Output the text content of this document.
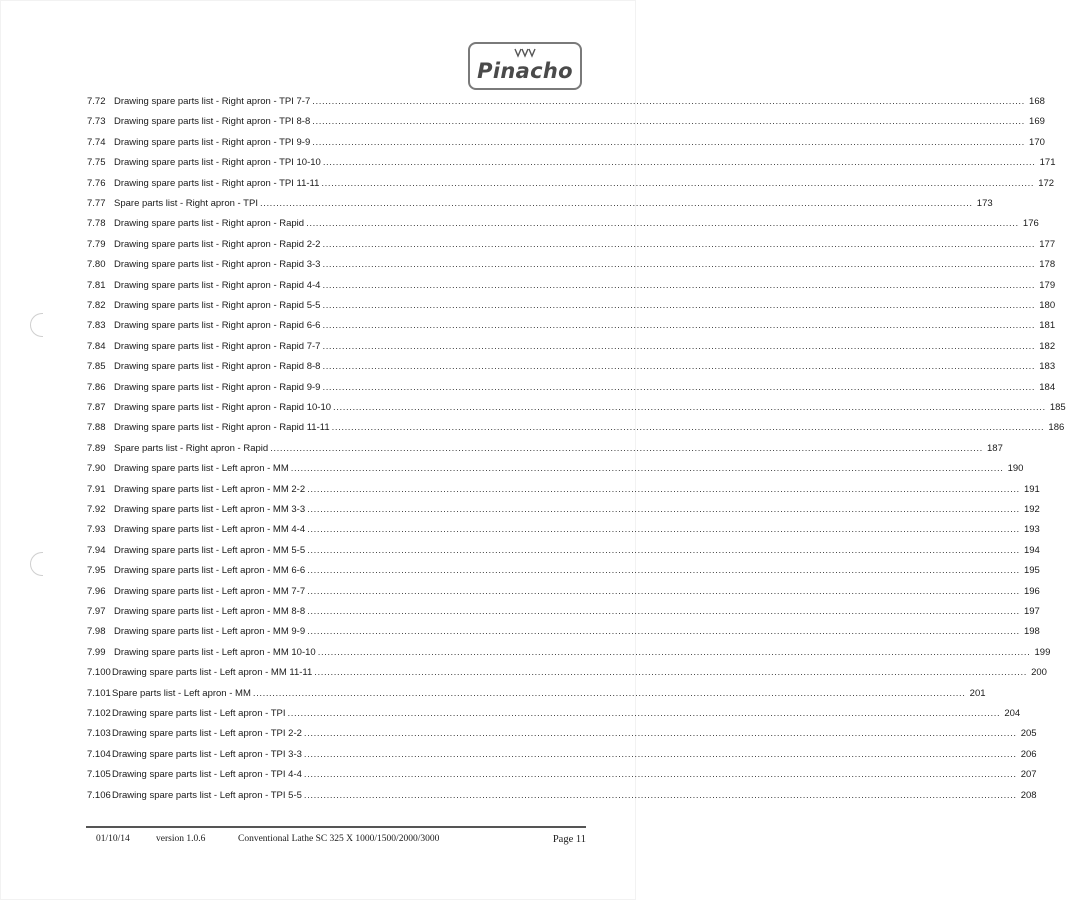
Pinacho
7.72 Drawing spare parts list - Right apron - TPI 7-7 ............................................................................................................................................................................................................................ 168
7.73 Drawing spare parts list - Right apron - TPI 8-8 ............................................................................................................................................................................................................................ 169
7.74 Drawing spare parts list - Right apron - TPI 9-9 ............................................................................................................................................................................................................................ 170
7.75 Drawing spare parts list - Right apron - TPI 10-10 ............................................................................................................................................................................................................................ 171
7.76 Drawing spare parts list - Right apron - TPI 11-11 ............................................................................................................................................................................................................................ 172
7.77 Spare parts list - Right apron - TPI ............................................................................................................................................................................................................................ 173
7.78 Drawing spare parts list - Right apron - Rapid ............................................................................................................................................................................................................................ 176
7.79 Drawing spare parts list - Right apron - Rapid 2-2 ............................................................................................................................................................................................................................ 177
7.80 Drawing spare parts list - Right apron - Rapid 3-3 ............................................................................................................................................................................................................................ 178
7.81 Drawing spare parts list - Right apron - Rapid 4-4 ............................................................................................................................................................................................................................ 179
7.82 Drawing spare parts list - Right apron - Rapid 5-5 ............................................................................................................................................................................................................................ 180
7.83 Drawing spare parts list - Right apron - Rapid 6-6 ............................................................................................................................................................................................................................ 181
7.84 Drawing spare parts list - Right apron - Rapid 7-7 ............................................................................................................................................................................................................................ 182
7.85 Drawing spare parts list - Right apron - Rapid 8-8 ............................................................................................................................................................................................................................ 183
7.86 Drawing spare parts list - Right apron - Rapid 9-9 ............................................................................................................................................................................................................................ 184
7.87 Drawing spare parts list - Right apron - Rapid 10-10 ............................................................................................................................................................................................................................ 185
7.88 Drawing spare parts list - Right apron - Rapid 11-11 ............................................................................................................................................................................................................................ 186
7.89 Spare parts list - Right apron - Rapid ............................................................................................................................................................................................................................ 187
7.90 Drawing spare parts list - Left apron - MM ............................................................................................................................................................................................................................ 190
7.91 Drawing spare parts list - Left apron - MM 2-2 ............................................................................................................................................................................................................................ 191
7.92 Drawing spare parts list - Left apron - MM 3-3 ............................................................................................................................................................................................................................ 192
7.93 Drawing spare parts list - Left apron - MM 4-4 ............................................................................................................................................................................................................................ 193
7.94 Drawing spare parts list - Left apron - MM 5-5 ............................................................................................................................................................................................................................ 194
7.95 Drawing spare parts list - Left apron - MM 6-6 ............................................................................................................................................................................................................................ 195
7.96 Drawing spare parts list - Left apron - MM 7-7 ............................................................................................................................................................................................................................ 196
7.97 Drawing spare parts list - Left apron - MM 8-8 ............................................................................................................................................................................................................................ 197
7.98 Drawing spare parts list - Left apron - MM 9-9 ............................................................................................................................................................................................................................ 198
7.99 Drawing spare parts list - Left apron - MM 10-10 ............................................................................................................................................................................................................................ 199
7.100 Drawing spare parts list - Left apron - MM 11-11 ............................................................................................................................................................................................................................ 200
7.101 Spare parts list - Left apron - MM ............................................................................................................................................................................................................................ 201
7.102 Drawing spare parts list - Left apron - TPI ............................................................................................................................................................................................................................ 204
7.103 Drawing spare parts list - Left apron - TPI 2-2 ............................................................................................................................................................................................................................ 205
7.104 Drawing spare parts list - Left apron - TPI 3-3 ............................................................................................................................................................................................................................ 206
7.105 Drawing spare parts list - Left apron - TPI 4-4 ............................................................................................................................................................................................................................ 207
7.106 Drawing spare parts list - Left apron - TPI 5-5 ............................................................................................................................................................................................................................ 208
01/10/14	version 1.0.6	Conventional Lathe SC 325 X 1000/1500/2000/3000	Page 11
